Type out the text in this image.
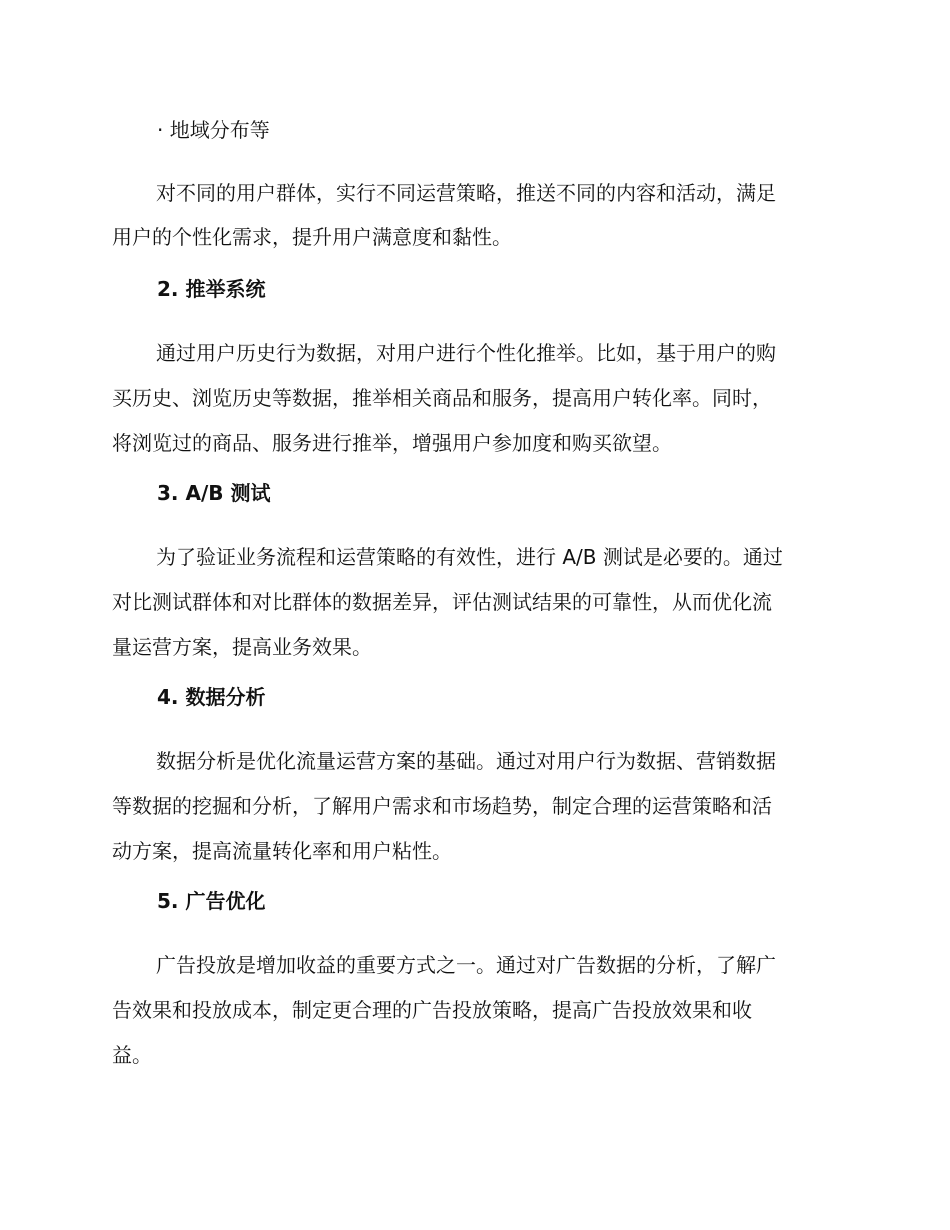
· 地域分布等
对不同的用户群体，实行不同运营策略，推送不同的内容和活动，满足
用户的个性化需求，提升用户满意度和黏性。
2. 推举系统
通过用户历史行为数据，对用户进行个性化推举。比如，基于用户的购
买历史、浏览历史等数据，推举相关商品和服务，提高用户转化率。同时，
将浏览过的商品、服务进行推举，增强用户参加度和购买欲望。
3. A/B 测试
为了验证业务流程和运营策略的有效性，进行 A/B 测试是必要的。通过
对比测试群体和对比群体的数据差异，评估测试结果的可靠性，从而优化流
量运营方案，提高业务效果。
4. 数据分析
数据分析是优化流量运营方案的基础。通过对用户行为数据、营销数据
等数据的挖掘和分析，了解用户需求和市场趋势，制定合理的运营策略和活
动方案，提高流量转化率和用户粘性。
5. 广告优化
广告投放是增加收益的重要方式之一。通过对广告数据的分析，了解广
告效果和投放成本，制定更合理的广告投放策略，提高广告投放效果和收
益。
